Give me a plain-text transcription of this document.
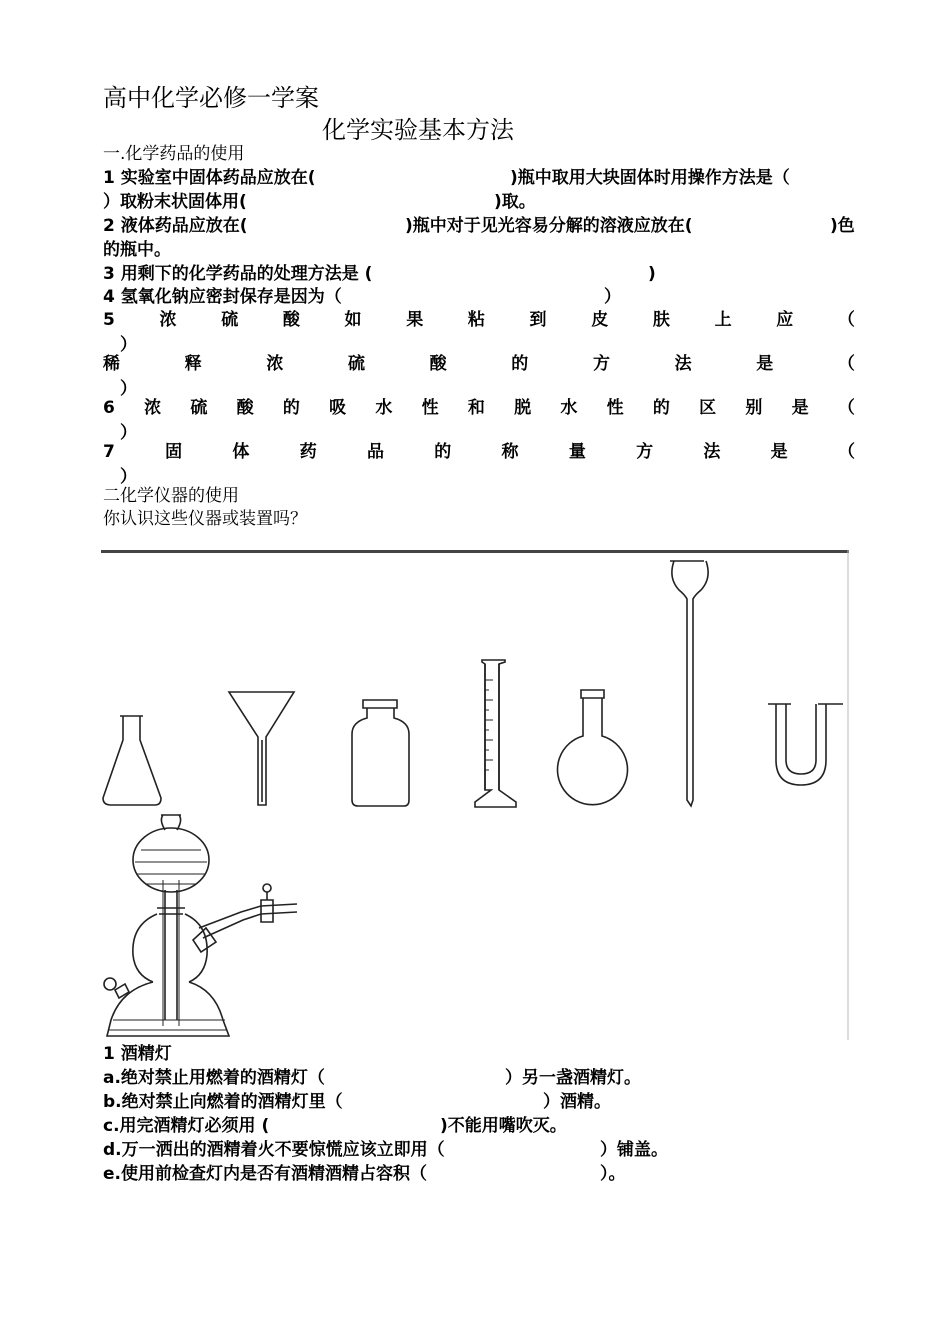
高中化学必修一学案
化学实验基本方法
一.化学药品的使用
1 实验室中固体药品应放在(	)瓶中取用大块固体时用操作方法是（
）取粉末状固体用(	)取。
2 液体药品应放在(	)瓶中对于见光容易分解的溶液应放在(	)色
的瓶中。
3 用剩下的化学药品的处理方法是 (	)
4 氢氧化钠应密封保存是因为（	）
5	浓	硫	酸	如	果	粘	到	皮	肤	上	应	（
）
稀	释	浓	硫	酸	的	方	法	是	（
）
6 浓 硫 酸 的 吸 水 性 和 脱 水 性 的 区 别 是 （
）
7	固	体	药	品	的	称	量	方	法	是	（
）
二化学仪器的使用
你认识这些仪器或装置吗？
1 酒精灯
a.绝对禁止用燃着的酒精灯（	）另一盏酒精灯。
b.绝对禁止向燃着的酒精灯里（	）酒精。
c.用完酒精灯必须用 (	)不能用嘴吹灭。
d.万一洒出的酒精着火不要惊慌应该立即用（	）铺盖。
e.使用前检查灯内是否有酒精酒精占容积（	）。
